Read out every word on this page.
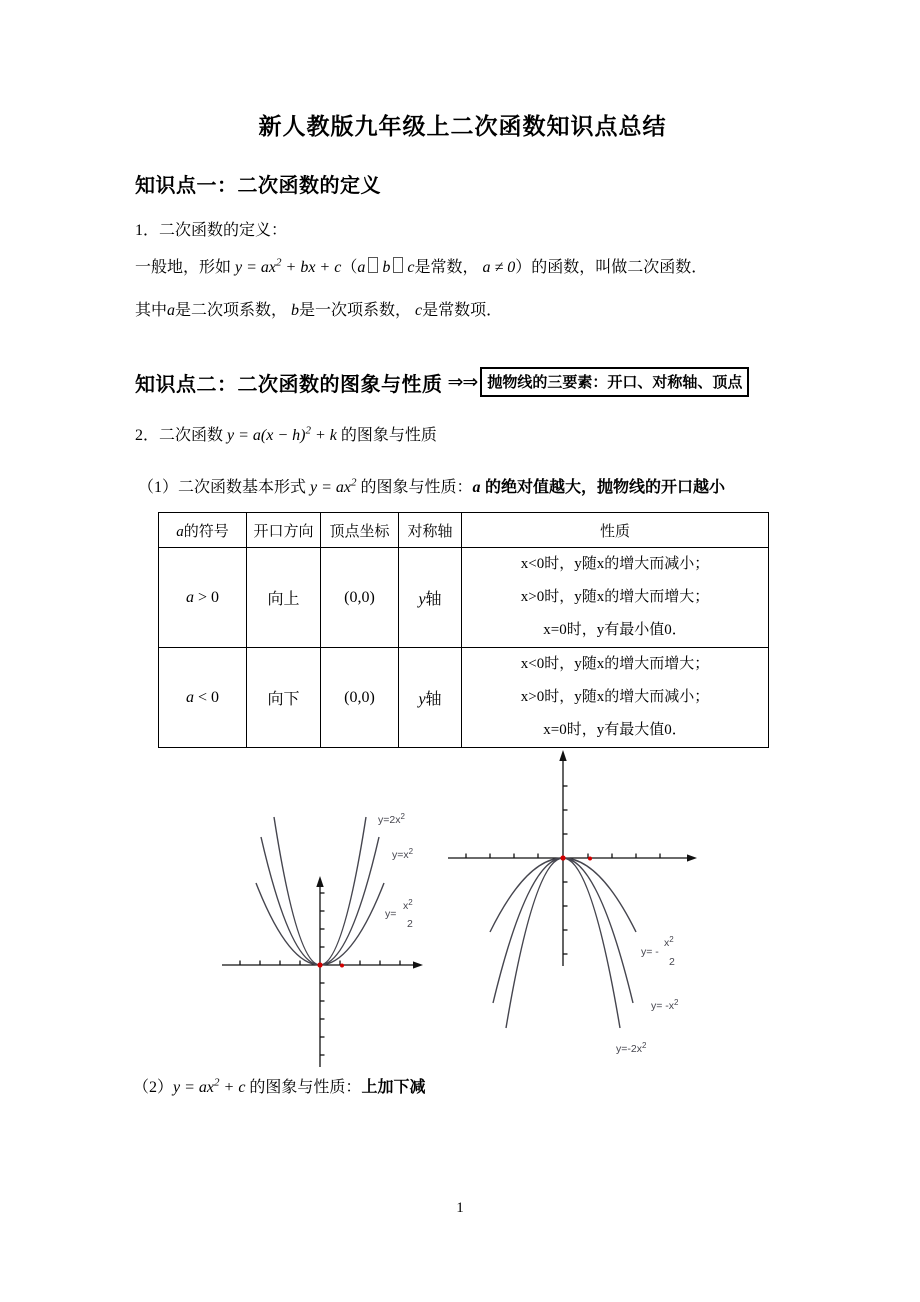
新人教版九年级上二次函数知识点总结
知识点一：二次函数的定义
1．二次函数的定义：
一般地，形如 $y = ax^2$ + bx + c（a b c是常数， a ≠ 0）的函数，叫做二次函数．
其中a是二次项系数， b是一次项系数， c是常数项．
知识点二：二次函数的图象与性质 ⇒⇒ 抛物线的三要素：开口、对称轴、顶点
2．二次函数 $y = a(x - h)^2 + k$ 的图象与性质
（1）二次函数基本形式 $y = ax^2$ 的图象与性质：a 的绝对值越大，抛物线的开口越小
a的符号	开口方向	顶点坐标	对称轴	性质
a > 0	向上	(0,0)	y轴	x<0时，y随x的增大而减小；
x>0时，y随x的增大而增大；
x=0时，y有最小值0．

a < 0	向下	(0,0)	y轴	x<0时，y随x的增大而增大；
x>0时，y随x的增大而减小；
x=0时，y有最大值0．
$y=2x^2$
$y=x^2$
y=
$x^2$
2
y= -
$x^2$
2
$y= -x^2$
$y=-2x^2$
$(2)y = ax^2 + c$ 的图象与性质：上加下减
1
